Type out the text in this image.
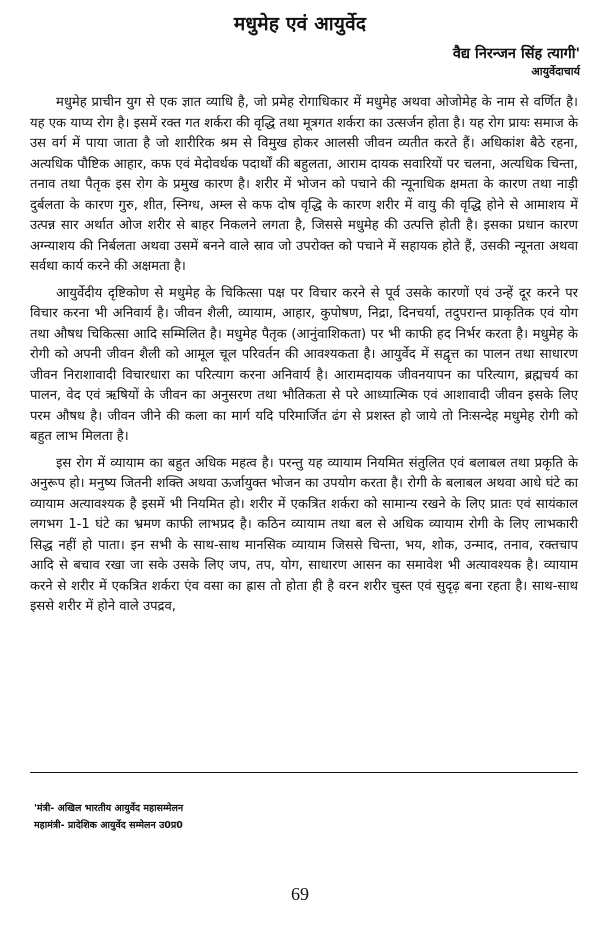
मधुमेह एवं आयुर्वेद
वैद्य निरन्जन सिंह त्यागी'
आयुर्वेदाचार्य

मधुमेह प्राचीन युग से एक ज्ञात व्याधि है, जो प्रमेह रोगाधिकार में मधुमेह अथवा ओजोमेह के नाम से वर्णित है। यह एक याप्य रोग है। इसमें रक्त गत शर्करा की वृद्धि तथा मूत्रगत शर्करा का उत्सर्जन होता है। यह रोग प्रायः समाज के उस वर्ग में पाया जाता है जो शारीरिक श्रम से विमुख होकर आलसी जीवन व्यतीत करते हैं। अधिकांश बैठे रहना, अत्यधिक पौष्टिक आहार, कफ एवं मेदोवर्धक पदार्थों की बहुलता, आराम दायक सवारियों पर चलना, अत्यधिक चिन्ता, तनाव तथा पैतृक इस रोग के प्रमुख कारण है। शरीर में भोजन को पचाने की न्यूनाधिक क्षमता के कारण तथा नाड़ी दुर्बलता के कारण गुरु, शीत, स्निग्ध, अम्ल से कफ दोष वृद्धि के कारण शरीर में वायु की वृद्धि होने से आमाशय में उत्पन्न सार अर्थात ओज शरीर से बाहर निकलने लगता है, जिससे मधुमेह की उत्पत्ति होती है। इसका प्रधान कारण अग्न्याशय की निर्बलता अथवा उसमें बनने वाले स्राव जो उपरोक्त को पचाने में सहायक होते हैं, उसकी न्यूनता अथवा सर्वथा कार्य करने की अक्षमता है।

आयुर्वेदीय दृष्टिकोण से मधुमेह के चिकित्सा पक्ष पर विचार करने से पूर्व उसके कारणों एवं उन्हें दूर करने पर विचार करना भी अनिवार्य है। जीवन शैली, व्यायाम, आहार, कुपोषण, निद्रा, दिनचर्या, तदुपरान्त प्राकृतिक एवं योग तथा औषध चिकित्सा आदि सम्मिलित है। मधुमेह पैतृक (आनुंवाशिकता) पर भी काफी हद निर्भर करता है। मधुमेह के रोगी को अपनी जीवन शैली को आमूल चूल परिवर्तन की आवश्यकता है। आयुर्वेद में सद्वृत्त का पालन तथा साधारण जीवन निराशावादी विचारधारा का परित्याग करना अनिवार्य है। आरामदायक जीवनयापन का परित्याग, ब्रह्मचर्य का पालन, वेद एवं ऋषियों के जीवन का अनुसरण तथा भौतिकता से परे आध्यात्मिक एवं आशावादी जीवन इसके लिए परम औषध है। जीवन जीने की कला का मार्ग यदि परिमार्जित ढंग से प्रशस्त हो जाये तो निःसन्देह मधुमेह रोगी को बहुत लाभ मिलता है।

इस रोग में व्यायाम का बहुत अधिक महत्व है। परन्तु यह व्यायाम नियमित संतुलित एवं बलाबल तथा प्रकृति के अनुरूप हो। मनुष्य जितनी शक्ति अथवा ऊर्जायुक्त भोजन का उपयोग करता है। रोगी के बलाबल अथवा आधे घंटे का व्यायाम अत्यावश्यक है इसमें भी नियमित हो। शरीर में एकत्रित शर्करा को सामान्य रखने के लिए प्रातः एवं सायंकाल लगभग 1-1 घंटे का भ्रमण काफी लाभप्रद है। कठिन व्यायाम तथा बल से अधिक व्यायाम रोगी के लिए लाभकारी सिद्ध नहीं हो पाता। इन सभी के साथ-साथ मानसिक व्यायाम जिससे चिन्ता, भय, शोक, उन्माद, तनाव, रक्तचाप आदि से बचाव रखा जा सके उसके लिए जप, तप, योग, साधारण आसन का समावेश भी अत्यावश्यक है। व्यायाम करने से शरीर में एकत्रित शर्करा एंव वसा का ह्रास तो होता ही है वरन शरीर चुस्त एवं सुदृढ़ बना रहता है। साथ-साथ इससे शरीर में होने वाले उपद्रव,

'मंत्री- अखिल भारतीय आयुर्वेद महासम्मेलन
महामंत्री- प्रादेशिक आयुर्वेद सम्मेलन उ0प्र0
69
